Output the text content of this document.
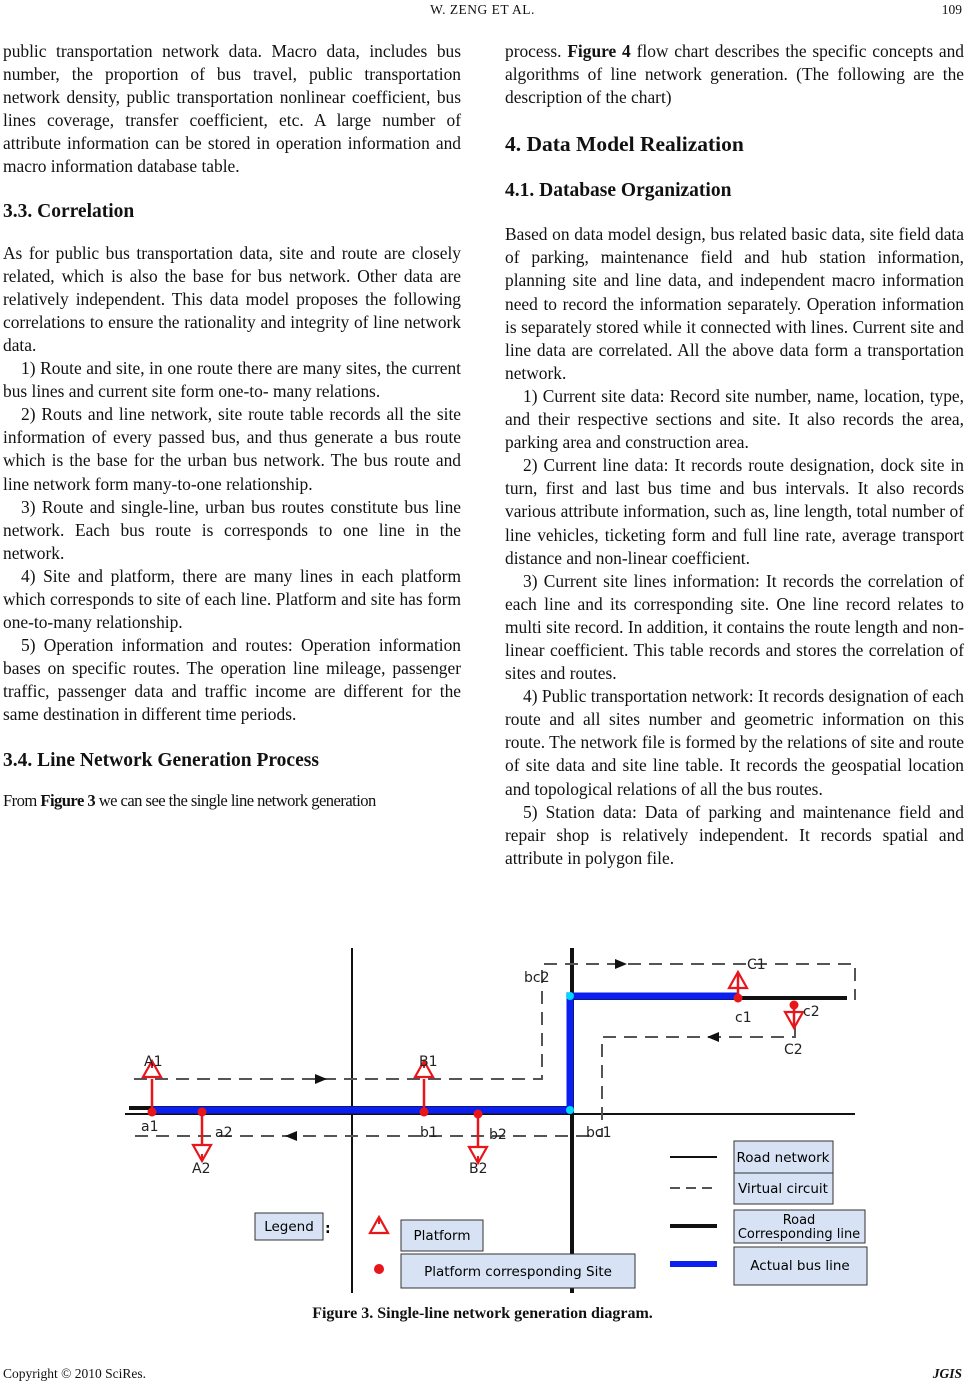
W. ZENG ET AL.	109

public transportation network data. Macro data, includes bus number, the proportion of bus travel, public transportation network density, public transportation nonlinear coefficient, bus lines coverage, transfer coefficient, etc. A large number of attribute information can be stored in operation information and macro information database table.

3.3. Correlation

As for public bus transportation data, site and route are closely related, which is also the base for bus network. Other data are relatively independent. This data model proposes the following correlations to ensure the rationality and integrity of line network data.

1) Route and site, in one route there are many sites, the current bus lines and current site form one-to- many relations.

2) Routs and line network, site route table records all the site information of every passed bus, and thus generate a bus route which is the base for the urban bus network. The bus route and line network form many-to-one relationship.

3) Route and single-line, urban bus routes constitute bus line network. Each bus route is corresponds to one line in the network.

4) Site and platform, there are many lines in each platform which corresponds to site of each line. Platform and site has form one-to-many relationship.

5) Operation information and routes: Operation information bases on specific routes. The operation line mileage, passenger traffic, passenger data and traffic income are different for the same destination in different time periods.

3.4. Line Network Generation Process

From Figure 3 we can see the single line network generation

process. Figure 4 flow chart describes the specific concepts and algorithms of line network generation. (The following are the description of the chart)

4. Data Model Realization
4.1. Database Organization

Based on data model design, bus related basic data, site field data of parking, maintenance field and hub station information, planning site and line data, and independent macro information need to record the information separately. Operation information is separately stored while it connected with lines. Current site and line data are correlated. All the above data form a transportation network.

1) Current site data: Record site number, name, location, type, and their respective sections and site. It also records the area, parking area and construction area.

2) Current line data: It records route designation, dock site in turn, first and last bus time and bus intervals. It also records various attribute information, such as, line length, total number of line vehicles, ticketing form and full line rate, average transport distance and non-linear coefficient.

3) Current site lines information: It records the correlation of each line and its corresponding site. One line record relates to multi site record. In addition, it contains the route length and non-linear coefficient. This table records and stores the correlation of sites and routes.

4) Public transportation network: It records designation of each route and all sites number and geometric information on this route. The network file is formed by the relations of site and route of site data and site line table. It records the geospatial location and topological relations of all the bus routes.

5) Station data: Data of parking and maintenance field and repair shop is relatively independent. It records spatial and attribute in polygon file.

A1
a1	a2
A2
B1
b1	b2
B2
bc1
bc2
C1
c1	c2
C2
Road network
Virtual circuit
Road
Corresponding line
Actual bus line
Legend :	Platform
Platform corresponding Site
Figure 3. Single-line network generation diagram.
Copyright © 2010 SciRes.	JGIS
